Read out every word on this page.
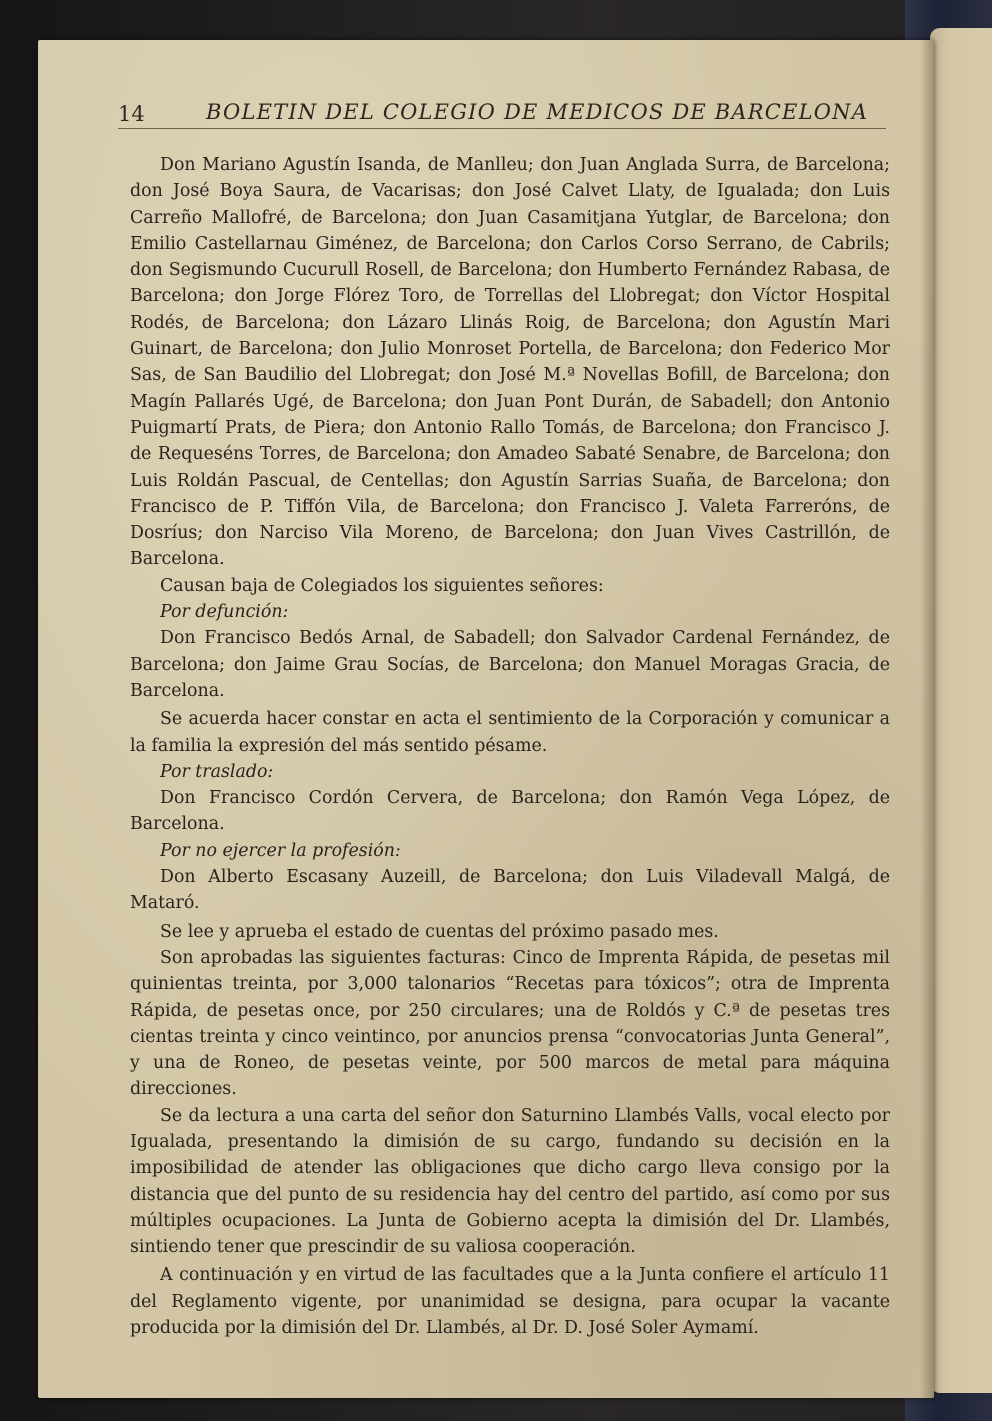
14	BOLETIN DEL COLEGIO DE MEDICOS DE BARCELONA

Don Mariano Agustín Isanda, de Manlleu; don Juan Anglada Surra, de Barcelona; don José Boya Saura, de Vacarisas; don José Calvet Llaty, de Igualada; don Luis Carreño Mallofré, de Barcelona; don Juan Casamitjana Yutglar, de Barcelona; don Emilio Castellarnau Giménez, de Barcelona; don Carlos Corso Serrano, de Cabrils; don Segismundo Cucurull Rosell, de Barcelona; don Humberto Fernández Rabasa, de Barcelona; don Jorge Flórez Toro, de Torrellas del Llobregat; don Víctor Hospital Rodés, de Barcelona; don Lázaro Llinás Roig, de Barcelona; don Agustín Mari Guinart, de Barcelona; don Julio Monroset Portella, de Barcelona; don Federico Mor Sas, de San Baudilio del Llobregat; don José M.ª Novellas Bofill, de Barcelona; don Magín Pallarés Ugé, de Barcelona; don Juan Pont Durán, de Sabadell; don Antonio Puigmartí Prats, de Piera; don Antonio Rallo Tomás, de Barcelona; don Francisco J. de Requeséns Torres, de Barcelona; don Amadeo Sabaté Senabre, de Barcelona; don Luis Roldán Pascual, de Centellas; don Agustín Sarrias Suaña, de Barcelona; don Francisco de P. Tiffón Vila, de Barcelona; don Francisco J. Valeta Farreróns, de Dosríus; don Narciso Vila Moreno, de Barcelona; don Juan Vives Castrillón, de Barcelona.

Causan baja de Colegiados los siguientes señores:

Por defunción:

Don Francisco Bedós Arnal, de Sabadell; don Salvador Cardenal Fernández, de Barcelona; don Jaime Grau Socías, de Barcelona; don Manuel Moragas Gracia, de Barcelona.

Se acuerda hacer constar en acta el sentimiento de la Corporación y comunicar a la familia la expresión del más sentido pésame.

Por traslado:

Don Francisco Cordón Cervera, de Barcelona; don Ramón Vega López, de Barcelona.

Por no ejercer la profesión:

Don Alberto Escasany Auzeill, de Barcelona; don Luis Viladevall Malgá, de Mataró.

Se lee y aprueba el estado de cuentas del próximo pasado mes.

Son aprobadas las siguientes facturas: Cinco de Imprenta Rápida, de pesetas mil quinientas treinta, por 3,000 talonarios “Recetas para tóxicos”; otra de Imprenta Rápida, de pesetas once, por 250 circulares; una de Roldós y C.ª de pesetas tres cientas treinta y cinco veintinco, por anuncios prensa “convocatorias Junta General”, y una de Roneo, de pesetas veinte, por 500 marcos de metal para máquina direcciones.

Se da lectura a una carta del señor don Saturnino Llambés Valls, vocal electo por Igualada, presentando la dimisión de su cargo, fundando su decisión en la imposibilidad de atender las obligaciones que dicho cargo lleva consigo por la distancia que del punto de su residencia hay del centro del partido, así como por sus múltiples ocupaciones. La Junta de Gobierno acepta la dimisión del Dr. Llambés, sintiendo tener que prescindir de su valiosa cooperación.

A continuación y en virtud de las facultades que a la Junta confiere el artículo 11 del Reglamento vigente, por unanimidad se designa, para ocupar la vacante producida por la dimisión del Dr. Llambés, al Dr. D. José Soler Aymamí.
